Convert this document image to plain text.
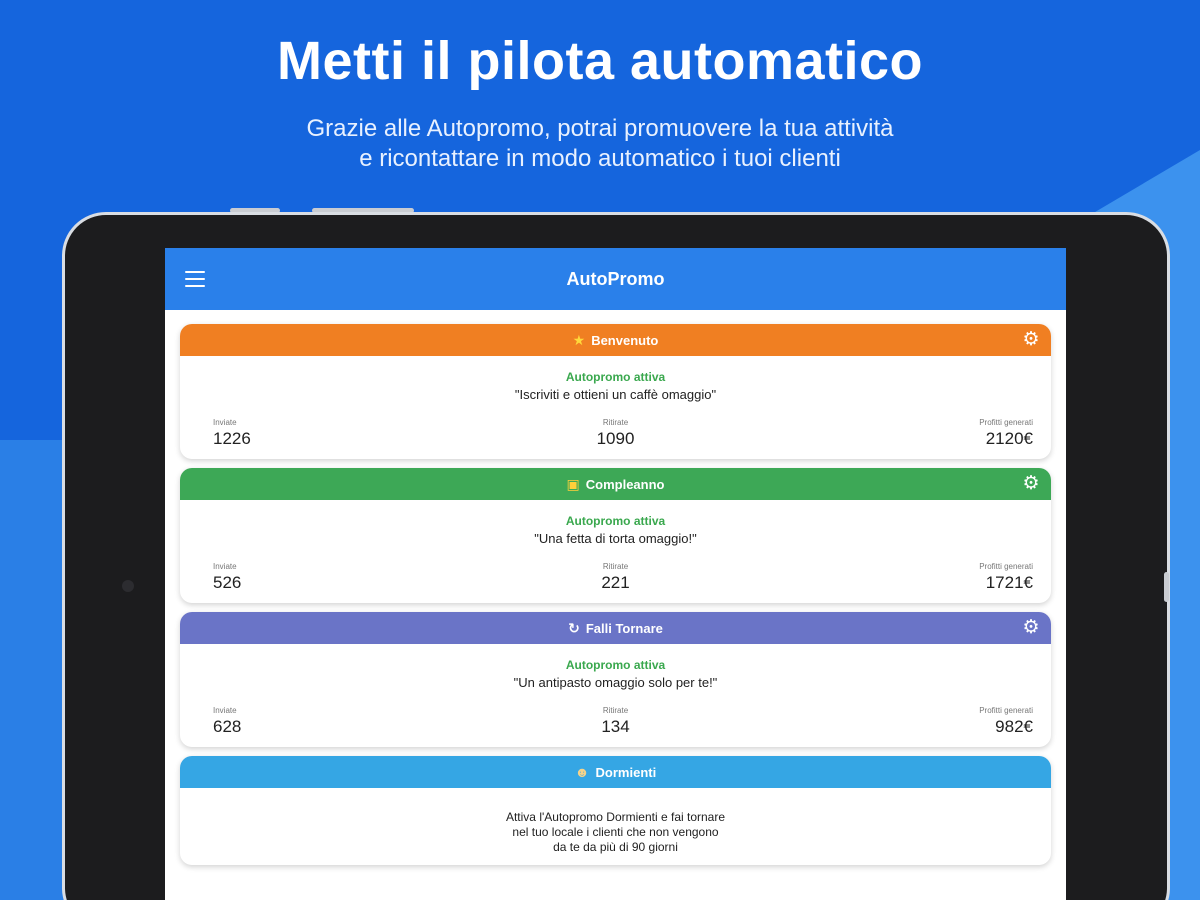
Metti il pilota automatico

Grazie alle Autopromo, potrai promuovere la tua attività
e ricontattare in modo automatico i tuoi clienti

AutoPromo
★ Benvenuto	⚙
Autopromo attiva
"Iscriviti e ottieni un caffè omaggio"
Inviate
1226
Ritirate
1090
Profitti generati
2120€
▣ Compleanno	⚙
Autopromo attiva
"Una fetta di torta omaggio!"
Inviate
526
Ritirate
221
Profitti generati
1721€
↻ Falli Tornare	⚙
Autopromo attiva
"Un antipasto omaggio solo per te!"
Inviate
628
Ritirate
134
Profitti generati
982€
☻ Dormienti
Attiva l'Autopromo Dormienti e fai tornare
nel tuo locale i clienti che non vengono
da te da più di 90 giorni
